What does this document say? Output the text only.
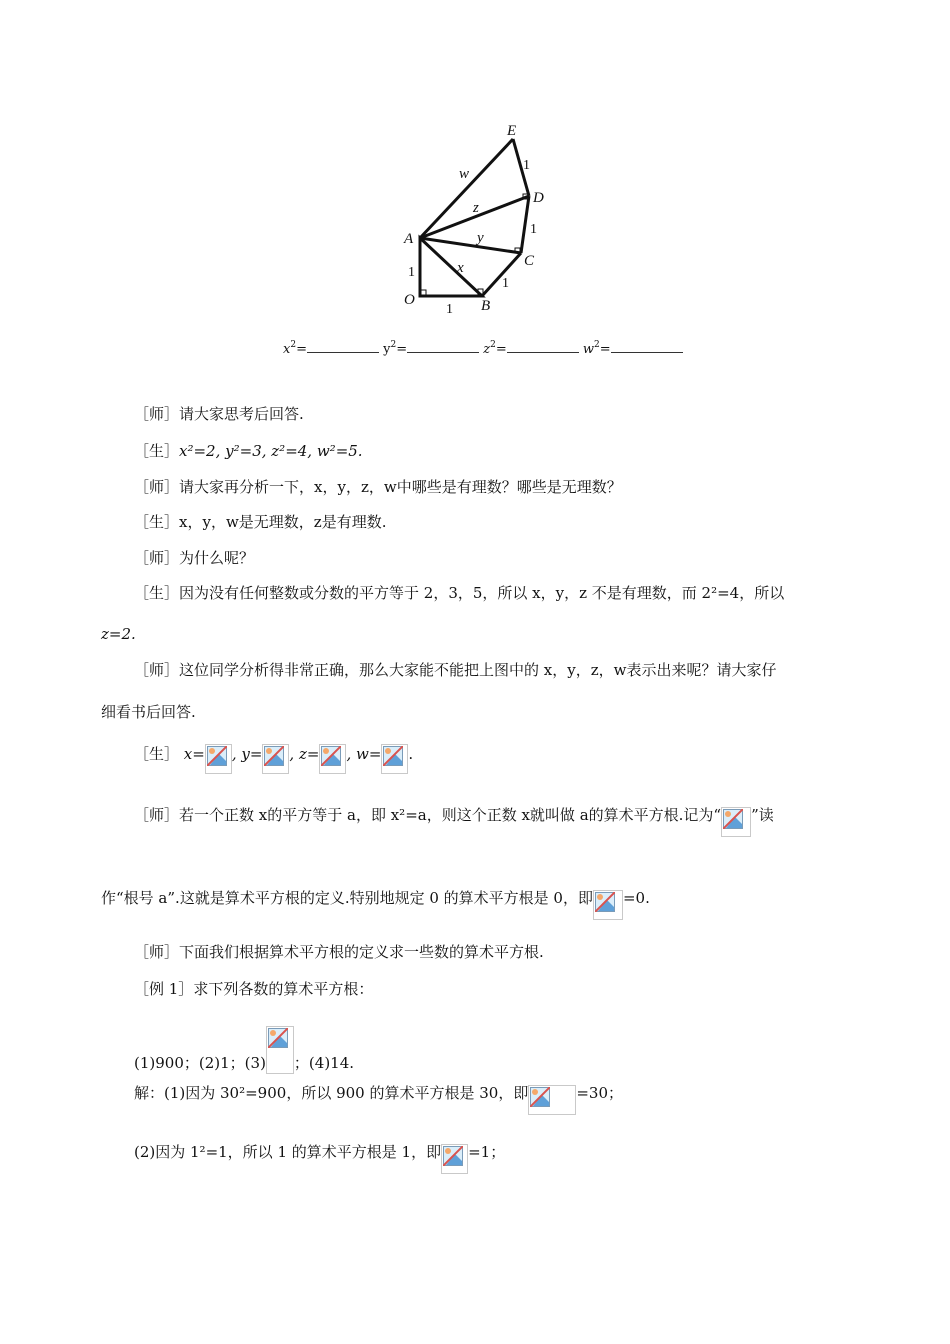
E
D
C
A
O	B
w
z
y
x
1
1
1
1
1
$x^2=$	$y^2=$	$z^2=$	$w^2=$
［师］请大家思考后回答.
［生］x²=2, y²=3, z²=4, w²=5.
［师］请大家再分析一下，x，y，z，w中哪些是有理数？哪些是无理数？
［生］x，y，w是无理数，z是有理数.
［师］为什么呢？
［生］因为没有任何整数或分数的平方等于 2，3，5，所以 x，y，z 不是有理数，而 2²=4，所以
z=2.
［师］这位同学分析得非常正确，那么大家能不能把上图中的 x，y，z，w表示出来呢？请大家仔
细看书后回答.
［生］ x= , y= , z= , w= .
［师］若一个正数 x的平方等于 a，即 x²=a，则这个正数 x就叫做 a的算术平方根.记为“ ”读
作“根号 a”.这就是算术平方根的定义.特别地规定 0 的算术平方根是 0，即 =0.
［师］下面我们根据算术平方根的定义求一些数的算术平方根.
［例 1］求下列各数的算术平方根：
(1)900；(2)1；(3) ；(4)14.
解：(1)因为 30²=900，所以 900 的算术平方根是 30，即	=30；
(2)因为 1²=1，所以 1 的算术平方根是 1，即 =1；
